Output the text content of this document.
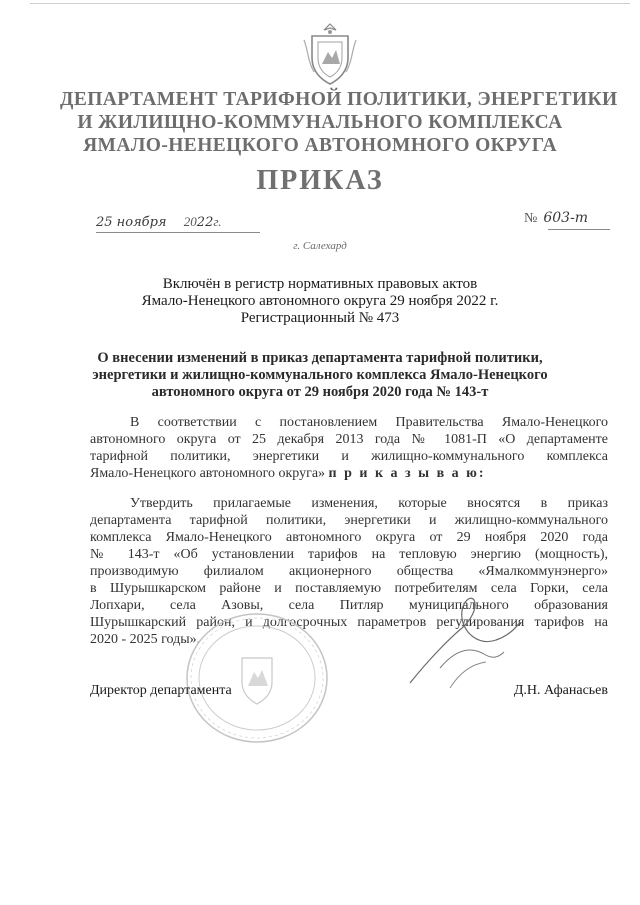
ДЕПАРТАМЕНТ ТАРИФНОЙ ПОЛИТИКИ, ЭНЕРГЕТИКИ
И ЖИЛИЩНО-КОММУНАЛЬНОГО КОМПЛЕКСА
ЯМАЛО-НЕНЕЦКОГО АВТОНОМНОГО ОКРУГА
ПРИКАЗ
25 ноября 2022г.	№ 603-т
г. Салехард
Включён в регистр нормативных правовых актов
Ямало-Ненецкого автономного округа 29 ноября 2022 г.
Регистрационный № 473
О внесении изменений в приказ департамента тарифной политики,
энергетики и жилищно-коммунального комплекса Ямало-Ненецкого
автономного округа от 29 ноября 2020 года № 143-т
В соответствии с постановлением Правительства Ямало-Ненецкого
автономного округа от 25 декабря 2013 года № 1081-П «О департаменте
тарифной политики, энергетики и жилищно-коммунального комплекса
Ямало-Ненецкого автономного округа» п р и к а з ы в а ю:
Утвердить прилагаемые изменения, которые вносятся в приказ
департамента тарифной политики, энергетики и жилищно-коммунального
комплекса Ямало-Ненецкого автономного округа от 29 ноября 2020 года
№ 143-т «Об установлении тарифов на тепловую энергию (мощность),
производимую филиалом акционерного общества «Ямалкоммунэнерго»
в Шурышкарском районе и поставляемую потребителям села Горки, села
Лопхари, села Азовы, села Питляр муниципального образования
Шурышкарский район, и долгосрочных параметров регулирования тарифов на
2020 - 2025 годы».
Директор департамента	Д.Н. Афанасьев
